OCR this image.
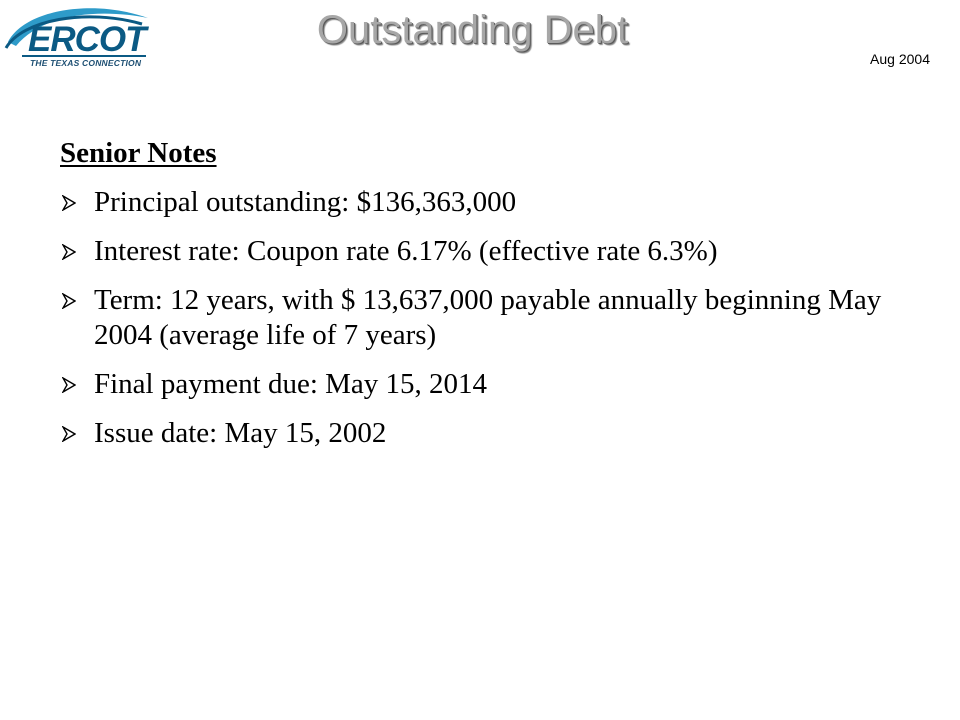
ERCOT
THE TEXAS CONNECTION
Outstanding Debt
Aug 2004
Senior Notes
Principal outstanding: $136,363,000
Interest rate: Coupon rate 6.17% (effective rate 6.3%)
Term: 12 years, with $ 13,637,000 payable annually beginning May 2004 (average life of 7 years)
Final payment due: May 15, 2014
Issue date: May 15, 2002
